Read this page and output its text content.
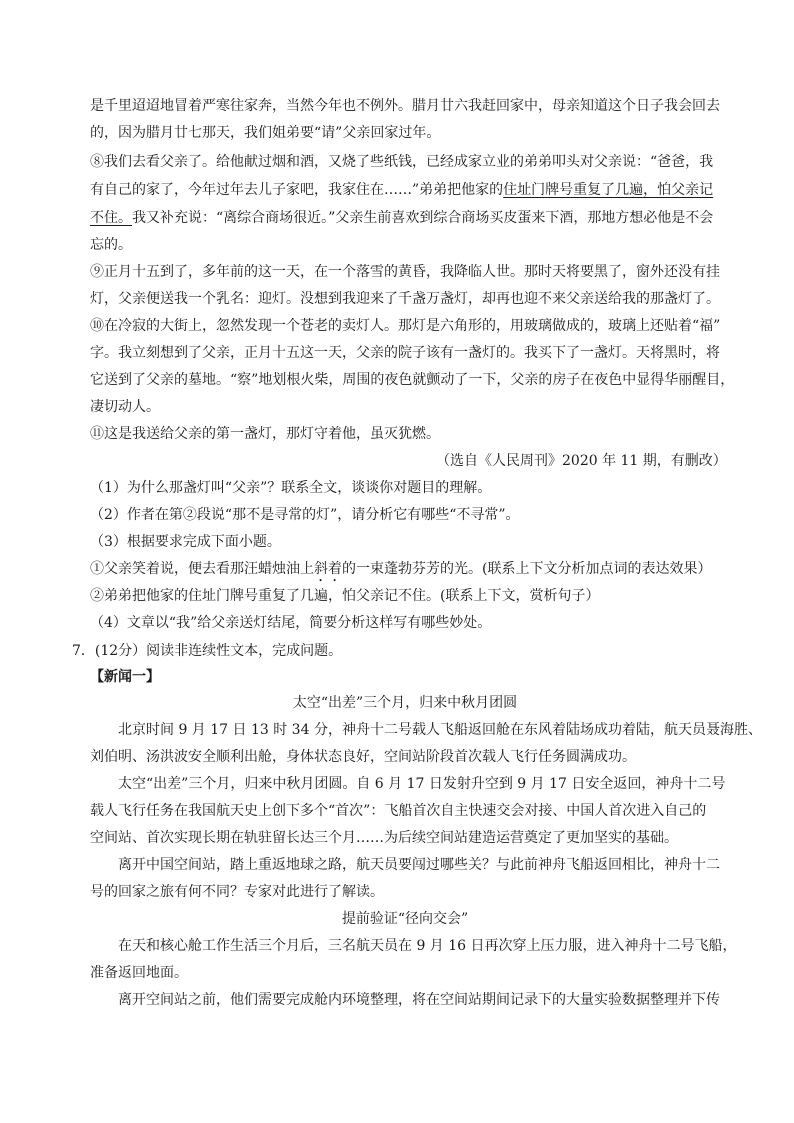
是千里迢迢地冒着严寒往家奔，当然今年也不例外。腊月廿六我赶回家中，母亲知道这个日子我会回去
的，因为腊月廿七那天，我们姐弟要“请”父亲回家过年。
⑧我们去看父亲了。给他献过烟和酒，又烧了些纸钱，已经成家立业的弟弟叩头对父亲说：“爸爸，我
有自己的家了，今年过年去儿子家吧，我家住在……”弟弟把他家的住址门牌号重复了几遍，怕父亲记
不住。我又补充说：“离综合商场很近。”父亲生前喜欢到综合商场买皮蛋来下酒，那地方想必他是不会
忘的。
⑨正月十五到了，多年前的这一天，在一个落雪的黄昏，我降临人世。那时天将要黑了，窗外还没有挂
灯，父亲便送我一个乳名：迎灯。没想到我迎来了千盏万盏灯，却再也迎不来父亲送给我的那盏灯了。
⑩在冷寂的大街上，忽然发现一个苍老的卖灯人。那灯是六角形的，用玻璃做成的，玻璃上还贴着“福”
字。我立刻想到了父亲，正月十五这一天，父亲的院子该有一盏灯的。我买下了一盏灯。天将黑时，将
它送到了父亲的墓地。“察”地划根火柴，周围的夜色就颤动了一下，父亲的房子在夜色中显得华丽醒目，
凄切动人。
⑪这是我送给父亲的第一盏灯，那灯守着他，虽灭犹燃。
（选自《人民周刊》2020 年 11 期，有删改）
（1）为什么那盏灯叫“父亲”？联系全文，谈谈你对题目的理解。
（2）作者在第②段说“那不是寻常的灯”，请分析它有哪些“不寻常”。
（3）根据要求完成下面小题。
①父亲笑着说，便去看那汪蜡烛油上斜着的一束蓬勃芬芳的光。(联系上下文分析加点词的表达效果）
②弟弟把他家的住址门牌号重复了几遍，怕父亲记不住。(联系上下文，赏析句子）
（4）文章以“我”给父亲送灯结尾，简要分析这样写有哪些妙处。
7．(12分）阅读非连续性文本，完成问题。
【新闻一】
太空“出差”三个月，归来中秋月团圆
北京时间 9 月 17 日 13 时 34 分，神舟十二号载人飞船返回舱在东风着陆场成功着陆，航天员聂海胜、
刘伯明、汤洪波安全顺利出舱，身体状态良好，空间站阶段首次载人飞行任务圆满成功。
太空“出差”三个月，归来中秋月团圆。自 6 月 17 日发射升空到 9 月 17 日安全返回，神舟十二号
载人飞行任务在我国航天史上创下多个“首次”：飞船首次自主快速交会对接、中国人首次进入自己的
空间站、首次实现长期在轨驻留长达三个月……为后续空间站建造运营奠定了更加坚实的基础。
离开中国空间站，踏上重返地球之路，航天员要闯过哪些关？与此前神舟飞船返回相比，神舟十二
号的回家之旅有何不同？专家对此进行了解读。
提前验证“径向交会”
在天和核心舱工作生活三个月后，三名航天员在 9 月 16 日再次穿上压力服，进入神舟十二号飞船，
准备返回地面。
离开空间站之前，他们需要完成舱内环境整理，将在空间站期间记录下的大量实验数据整理并下传
